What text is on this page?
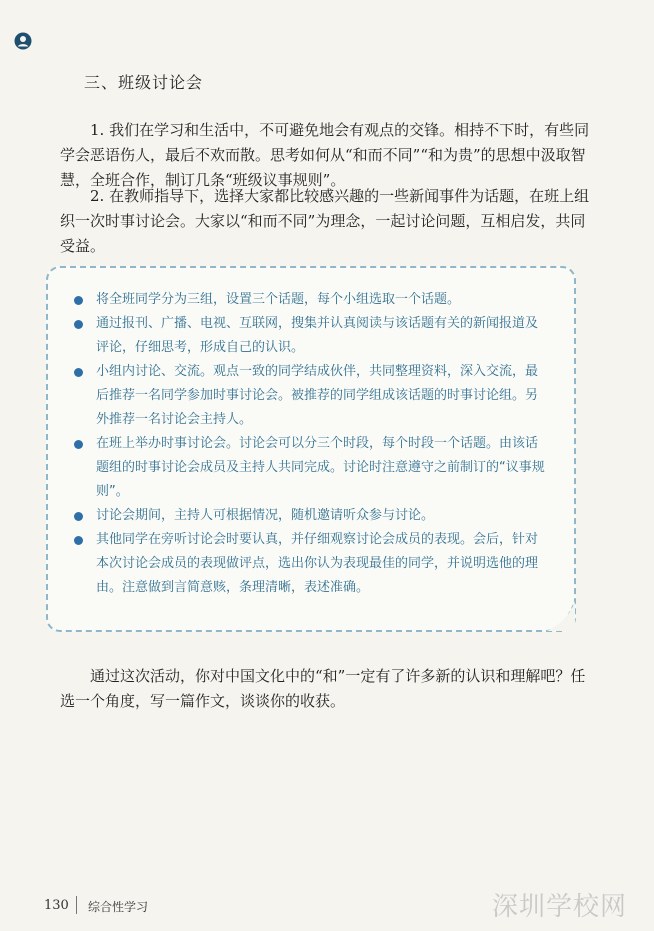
三、班级讨论会

1. 我们在学习和生活中，不可避免地会有观点的交锋。相持不下时，有些同学会恶语伤人，最后不欢而散。思考如何从“和而不同”“和为贵”的思想中汲取智慧，全班合作，制订几条“班级议事规则”。

2. 在教师指导下，选择大家都比较感兴趣的一些新闻事件为话题，在班上组织一次时事讨论会。大家以“和而不同”为理念，一起讨论问题，互相启发，共同受益。

将全班同学分为三组，设置三个话题，每个小组选取一个话题。
通过报刊、广播、电视、互联网，搜集并认真阅读与该话题有关的新闻报道及评论，仔细思考，形成自己的认识。
小组内讨论、交流。观点一致的同学结成伙伴，共同整理资料，深入交流，最后推荐一名同学参加时事讨论会。被推荐的同学组成该话题的时事讨论组。另外推荐一名讨论会主持人。
在班上举办时事讨论会。讨论会可以分三个时段，每个时段一个话题。由该话题组的时事讨论会成员及主持人共同完成。讨论时注意遵守之前制订的“议事规则”。
讨论会期间，主持人可根据情况，随机邀请听众参与讨论。
其他同学在旁听讨论会时要认真，并仔细观察讨论会成员的表现。会后，针对本次讨论会成员的表现做评点，选出你认为表现最佳的同学，并说明选他的理由。注意做到言简意赅，条理清晰，表述准确。

通过这次活动，你对中国文化中的“和”一定有了许多新的认识和理解吧？任选一个角度，写一篇作文，谈谈你的收获。

130 综合性学习	深圳学校网
